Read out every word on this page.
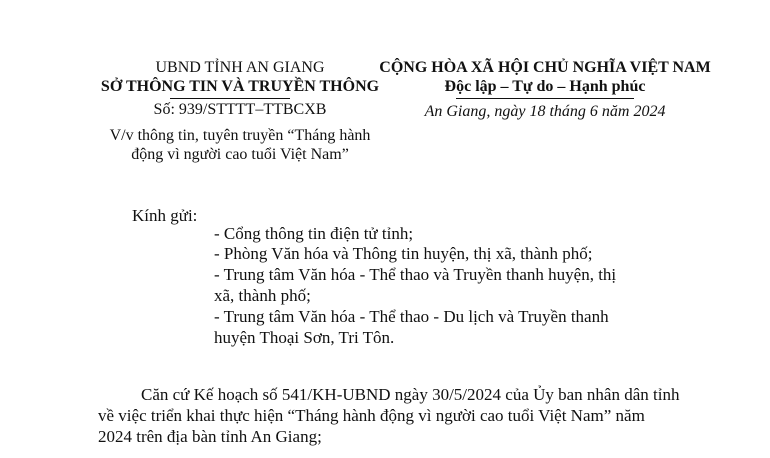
UBND TỈNH AN GIANG
SỞ THÔNG TIN VÀ TRUYỀN THÔNG
Số: 939/STTTT–TTBCXB
V/v thông tin, tuyên truyền “Tháng hành
động vì người cao tuổi Việt Nam”
CỘNG HÒA XÃ HỘI CHỦ NGHĨA VIỆT NAM
Độc lập – Tự do – Hạnh phúc
An Giang, ngày 18 tháng 6 năm 2024
Kính gửi:
- Cổng thông tin điện tử tỉnh;
- Phòng Văn hóa và Thông tin huyện, thị xã, thành phố;
- Trung tâm Văn hóa - Thể thao và Truyền thanh huyện, thị
xã, thành phố;
- Trung tâm Văn hóa - Thể thao - Du lịch và Truyền thanh
huyện Thoại Sơn, Tri Tôn.
Căn cứ Kế hoạch số 541/KH-UBND ngày 30/5/2024 của Ủy ban nhân dân tỉnh
về việc triển khai thực hiện “Tháng hành động vì người cao tuổi Việt Nam” năm
2024 trên địa bàn tỉnh An Giang;
